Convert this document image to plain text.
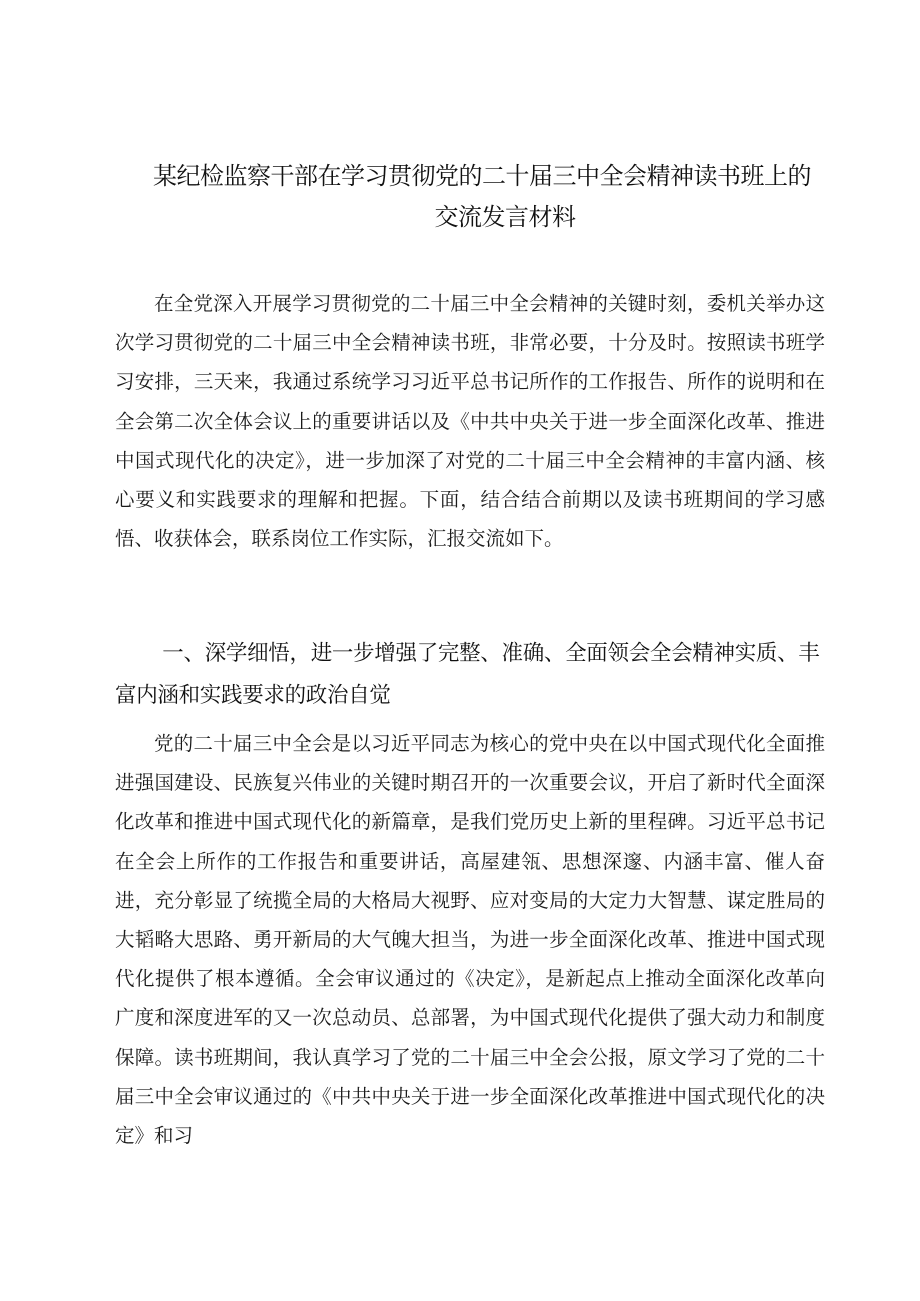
某纪检监察干部在学习贯彻党的二十届三中全会精神读书班上的
交流发言材料

在全党深入开展学习贯彻党的二十届三中全会精神的关键时刻，委机关举办这次学习贯彻党的二十届三中全会精神读书班，非常必要，十分及时。按照读书班学习安排，三天来，我通过系统学习习近平总书记所作的工作报告、所作的说明和在全会第二次全体会议上的重要讲话以及《中共中央关于进一步全面深化改革、推进中国式现代化的决定》，进一步加深了对党的二十届三中全会精神的丰富内涵、核心要义和实践要求的理解和把握。下面，结合结合前期以及读书班期间的学习感悟、收获体会，联系岗位工作实际，汇报交流如下。

一、深学细悟，进一步增强了完整、准确、全面领会全会精神实质、丰富内涵和实践要求的政治自觉

党的二十届三中全会是以习近平同志为核心的党中央在以中国式现代化全面推进强国建设、民族复兴伟业的关键时期召开的一次重要会议，开启了新时代全面深化改革和推进中国式现代化的新篇章，是我们党历史上新的里程碑。习近平总书记在全会上所作的工作报告和重要讲话，高屋建瓴、思想深邃、内涵丰富、催人奋进，充分彰显了统揽全局的大格局大视野、应对变局的大定力大智慧、谋定胜局的大韬略大思路、勇开新局的大气魄大担当，为进一步全面深化改革、推进中国式现代化提供了根本遵循。全会审议通过的《决定》，是新起点上推动全面深化改革向广度和深度进军的又一次总动员、总部署，为中国式现代化提供了强大动力和制度保障。读书班期间，我认真学习了党的二十届三中全会公报，原文学习了党的二十届三中全会审议通过的《中共中央关于进一步全面深化改革推进中国式现代化的决定》和习
